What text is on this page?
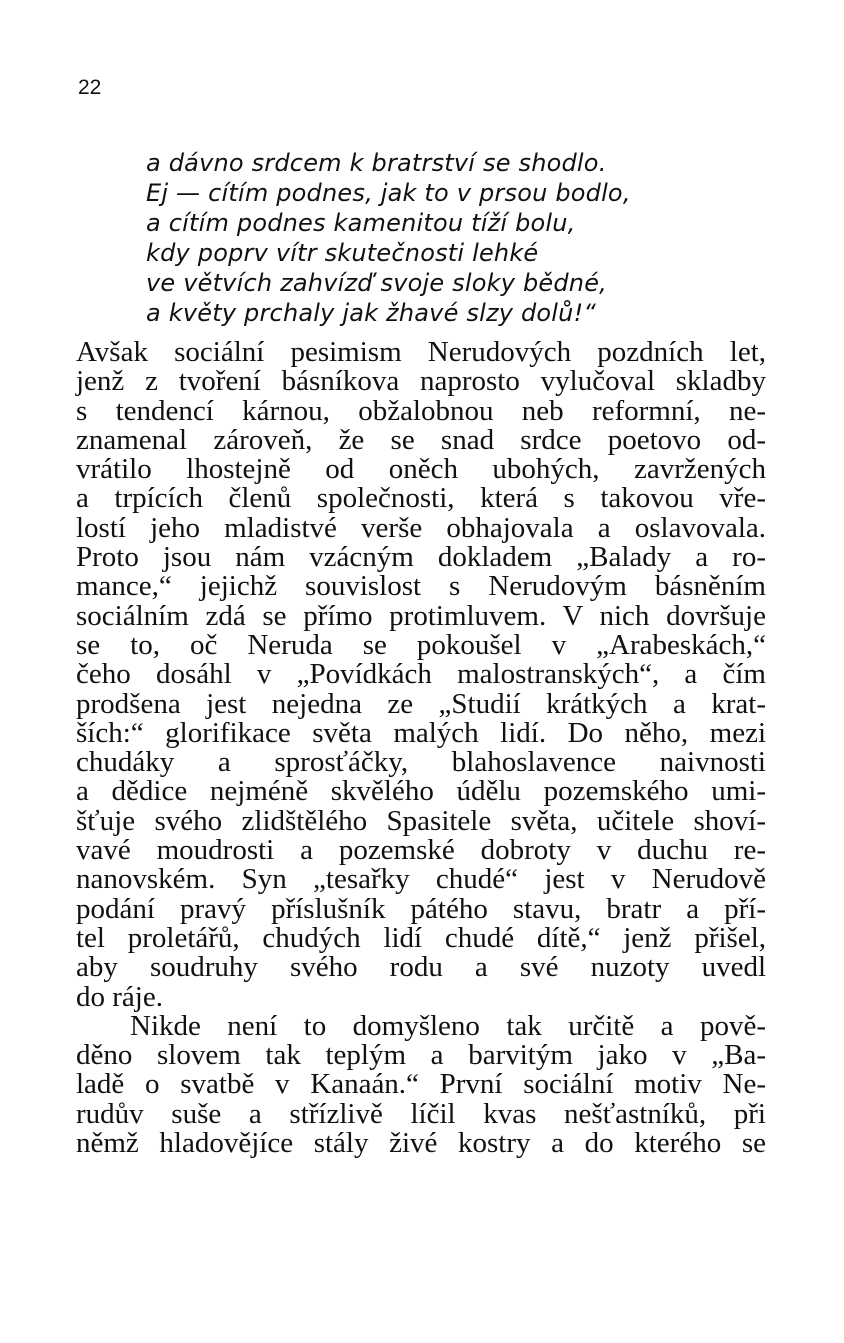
22
a dávno srdcem k bratrství se shodlo.
Ej — cítím podnes, jak to v prsou bodlo,
a cítím podnes kamenitou tíží bolu,
kdy poprv vítr skutečnosti lehké
ve větvích zahvízď svoje sloky bědné,
a květy prchaly jak žhavé slzy dolů!“
Avšak sociální pesimism Nerudových pozdních let,
jenž z tvoření básníkova naprosto vylučoval skladby
s tendencí kárnou, obžalobnou neb reformní, ne-
znamenal zároveň, že se snad srdce poetovo od-
vrátilo lhostejně od oněch ubohých, zavržených
a trpících členů společnosti, která s takovou vře-
lostí jeho mladistvé verše obhajovala a oslavovala.
Proto jsou nám vzácným dokladem „Balady a ro-
mance,“ jejichž souvislost s Nerudovým básněním
sociálním zdá se přímo protimluvem. V nich dovršuje
se to, oč Neruda se pokoušel v „Arabeskách,“
čeho dosáhl v „Povídkách malostranských“, a čím
prodšena jest nejedna ze „Studií krátkých a krat-
ších:“ glorifikace světa malých lidí. Do něho, mezi
chudáky a sprosťáčky, blahoslavence naivnosti
a dědice nejméně skvělého údělu pozemského umi-
šťuje svého zlidštělého Spasitele světa, učitele shoví-
vavé moudrosti a pozemské dobroty v duchu re-
nanovském. Syn „tesařky chudé“ jest v Nerudově
podání pravý příslušník pátého stavu, bratr a pří-
tel proletářů, chudých lidí chudé dítě,“ jenž přišel,
aby soudruhy svého rodu a své nuzoty uvedl
do ráje.
Nikde není to domyšleno tak určitě a pově-
děno slovem tak teplým a barvitým jako v „Ba-
ladě o svatbě v Kanaán.“ První sociální motiv Ne-
rudův suše a střízlivě líčil kvas nešťastníků, při
němž hladovějíce stály živé kostry a do kterého se
